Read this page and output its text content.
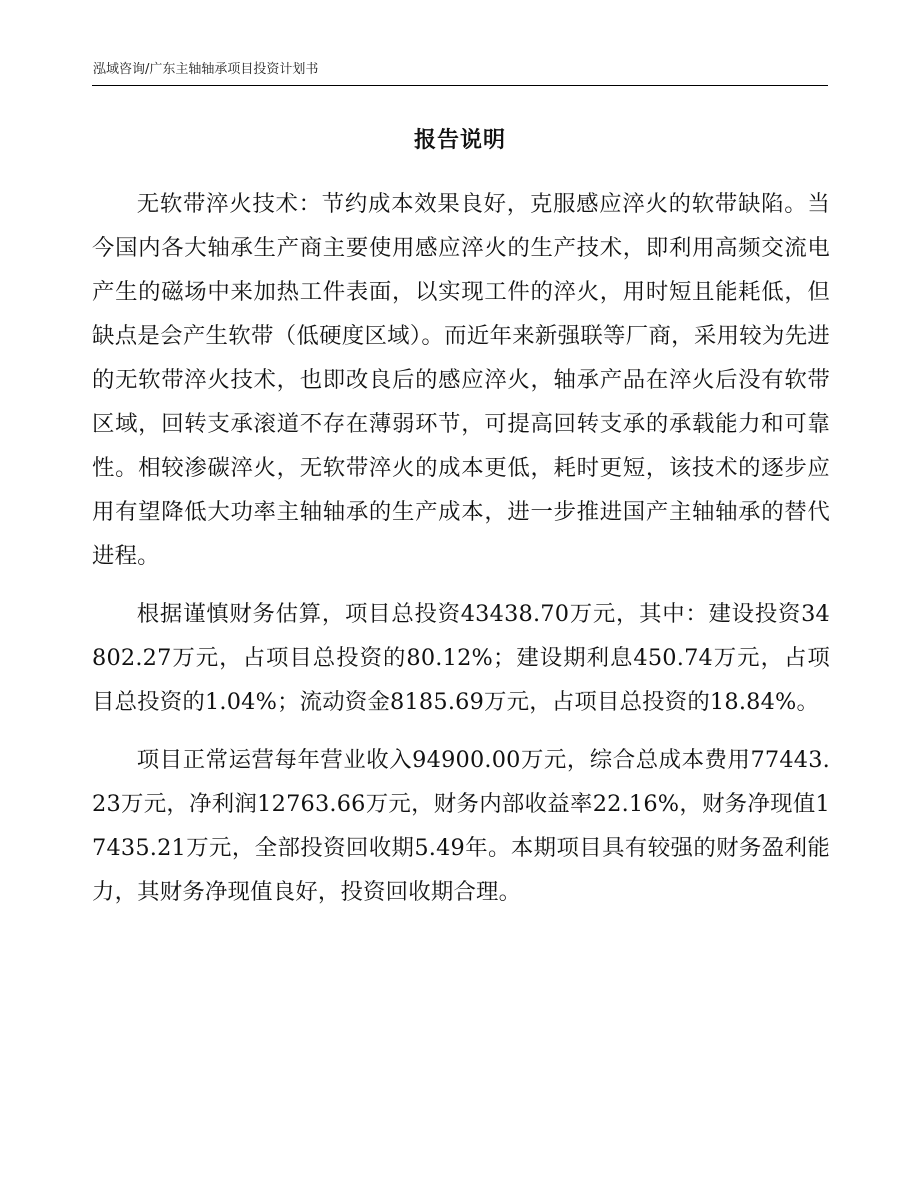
泓域咨询/广东主轴轴承项目投资计划书
报告说明

无软带淬火技术：节约成本效果良好，克服感应淬火的软带缺陷。当今国内各大轴承生产商主要使用感应淬火的生产技术，即利用高频交流电产生的磁场中来加热工件表面，以实现工件的淬火，用时短且能耗低，但缺点是会产生软带（低硬度区域）。而近年来新强联等厂商，采用较为先进的无软带淬火技术，也即改良后的感应淬火，轴承产品在淬火后没有软带区域，回转支承滚道不存在薄弱环节，可提高回转支承的承载能力和可靠性。相较渗碳淬火，无软带淬火的成本更低，耗时更短，该技术的逐步应用有望降低大功率主轴轴承的生产成本，进一步推进国产主轴轴承的替代进程。

根据谨慎财务估算，项目总投资43438.70万元，其中：建设投资34802.27万元，占项目总投资的80.12%；建设期利息450.74万元，占项目总投资的1.04%；流动资金8185.69万元，占项目总投资的18.84%。

项目正常运营每年营业收入94900.00万元，综合总成本费用77443.23万元，净利润12763.66万元，财务内部收益率22.16%，财务净现值17435.21万元，全部投资回收期5.49年。本期项目具有较强的财务盈利能力，其财务净现值良好，投资回收期合理。
